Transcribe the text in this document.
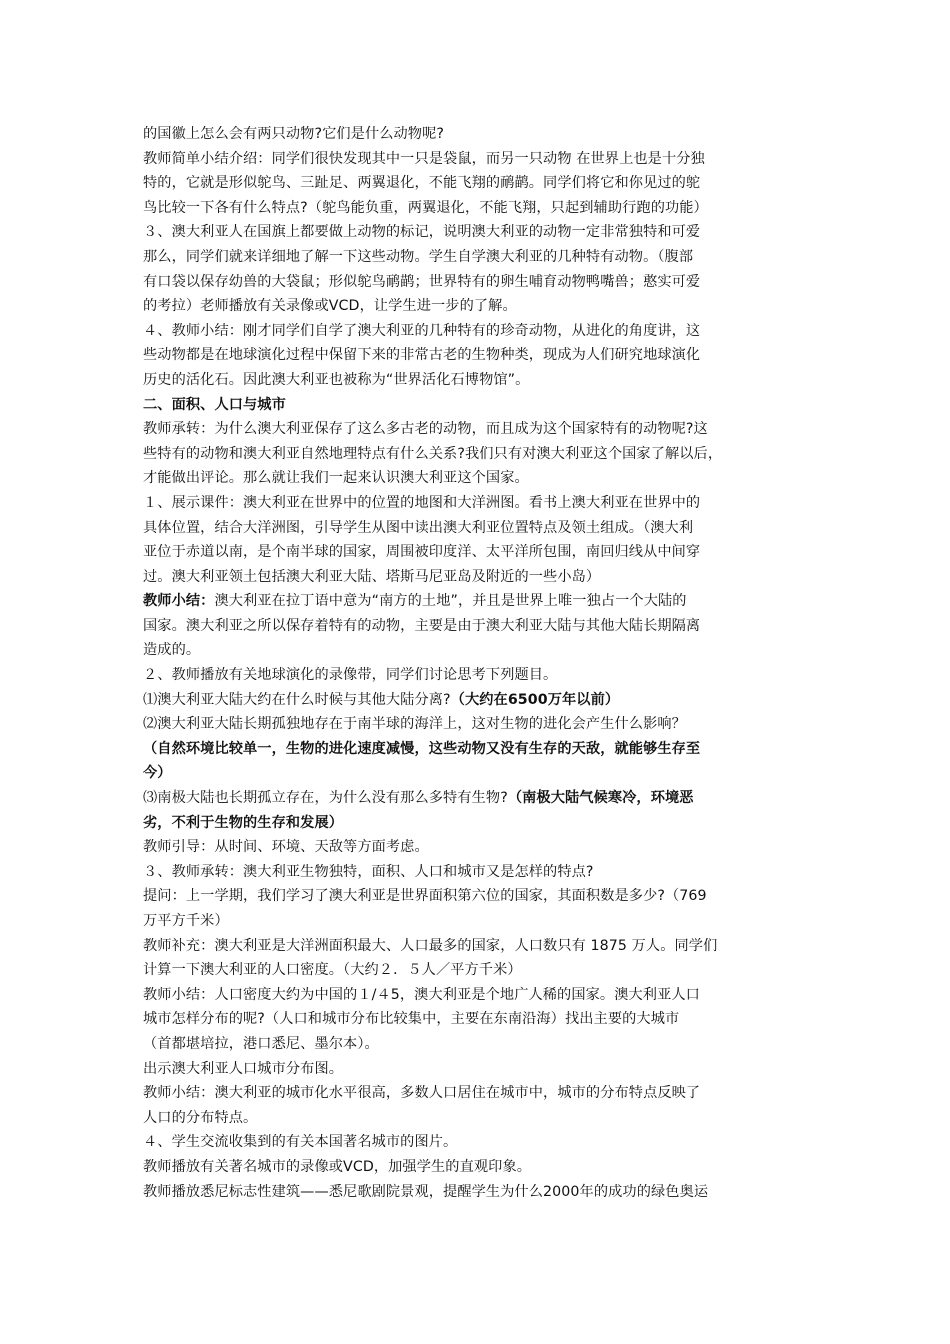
的国徽上怎么会有两只动物?它们是什么动物呢?
教师简单小结介绍：同学们很快发现其中一只是袋鼠，而另一只动物 在世界上也是十分独
特的，它就是形似鸵鸟、三趾足、两翼退化，不能飞翔的鸸鹋。同学们将它和你见过的鸵
鸟比较一下各有什么特点?（鸵鸟能负重，两翼退化，不能飞翔，只起到辅助行跑的功能）
３、澳大利亚人在国旗上都要做上动物的标记，说明澳大利亚的动物一定非常独特和可爱
那么，同学们就来详细地了解一下这些动物。学生自学澳大利亚的几种特有动物。（腹部
有口袋以保存幼兽的大袋鼠；形似鸵鸟鸸鹋；世界特有的卵生哺育动物鸭嘴兽；憨实可爱
的考拉）老师播放有关录像或VCD，让学生进一步的了解。
４、教师小结：刚才同学们自学了澳大利亚的几种特有的珍奇动物，从进化的角度讲，这
些动物都是在地球演化过程中保留下来的非常古老的生物种类，现成为人们研究地球演化
历史的活化石。因此澳大利亚也被称为“世界活化石博物馆”。
二、面积、人口与城市
教师承转：为什么澳大利亚保存了这么多古老的动物，而且成为这个国家特有的动物呢?这
些特有的动物和澳大利亚自然地理特点有什么关系?我们只有对澳大利亚这个国家了解以后，
才能做出评论。那么就让我们一起来认识澳大利亚这个国家。
１、展示课件：澳大利亚在世界中的位置的地图和大洋洲图。看书上澳大利亚在世界中的
具体位置，结合大洋洲图，引导学生从图中读出澳大利亚位置特点及领土组成。（澳大利
亚位于赤道以南，是个南半球的国家，周围被印度洋、太平洋所包围，南回归线从中间穿
过。澳大利亚领土包括澳大利亚大陆、塔斯马尼亚岛及附近的一些小岛）
教师小结：澳大利亚在拉丁语中意为“南方的土地”，并且是世界上唯一独占一个大陆的
国家。澳大利亚之所以保存着特有的动物，主要是由于澳大利亚大陆与其他大陆长期隔离
造成的。
２、教师播放有关地球演化的录像带，同学们讨论思考下列题目。
⑴澳大利亚大陆大约在什么时候与其他大陆分离?（大约在6500万年以前）
⑵澳大利亚大陆长期孤独地存在于南半球的海洋上，这对生物的进化会产生什么影响？
（自然环境比较单一，生物的进化速度减慢，这些动物又没有生存的天敌，就能够生存至
今）
⑶南极大陆也长期孤立存在，为什么没有那么多特有生物?（南极大陆气候寒冷，环境恶
劣，不利于生物的生存和发展）
教师引导：从时间、环境、天敌等方面考虑。
３、教师承转：澳大利亚生物独特，面积、人口和城市又是怎样的特点?
提问：上一学期，我们学习了澳大利亚是世界面积第六位的国家，其面积数是多少?（769
万平方千米）
教师补充：澳大利亚是大洋洲面积最大、人口最多的国家，人口数只有 1875 万人。同学们
计算一下澳大利亚的人口密度。（大约２．５人／平方千米）
教师小结：人口密度大约为中国的１/４5，澳大利亚是个地广人稀的国家。澳大利亚人口
城市怎样分布的呢?（人口和城市分布比较集中，主要在东南沿海）找出主要的大城市
（首都堪培拉，港口悉尼、墨尔本）。
出示澳大利亚人口城市分布图。
教师小结：澳大利亚的城市化水平很高，多数人口居住在城市中，城市的分布特点反映了
人口的分布特点。
４、学生交流收集到的有关本国著名城市的图片。
教师播放有关著名城市的录像或VCD，加强学生的直观印象。
教师播放悉尼标志性建筑——悉尼歌剧院景观，提醒学生为什么2000年的成功的绿色奥运
